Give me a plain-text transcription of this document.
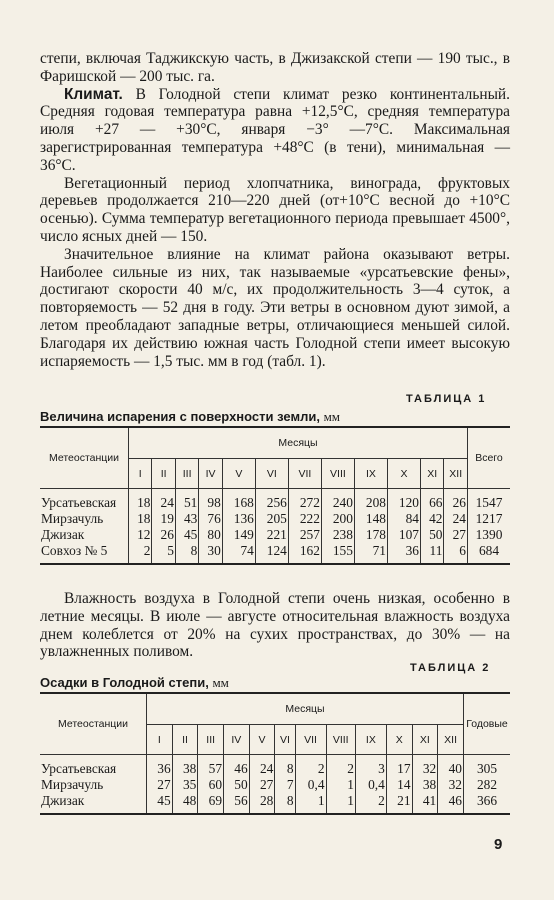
степи, включая Таджикскую часть, в Джизакской степи — 190 тыс., в Фаришской — 200 тыс. га.

Климат. В Голодной степи климат резко континентальный. Средняя годовая температура равна +12,5°С, средняя температура июля +27 — +30°С, января −3° —7°С. Максимальная зарегистрированная температура +48°С (в тени), минимальная — 36°С.

Вегетационный период хлопчатника, винограда, фруктовых деревьев продолжается 210—220 дней (от+10°С весной до +10°С осенью). Сумма температур вегетационного периода превышает 4500°, число ясных дней — 150.

Значительное влияние на климат района оказывают ветры. Наиболее сильные из них, так называемые «урсатьевские фены», достигают скорости 40 м/с, их продолжительность 3—4 суток, а повторяемость — 52 дня в году. Эти ветры в основном дуют зимой, а летом преобладают западные ветры, отличающиеся меньшей силой. Благодаря их действию южная часть Голодной степи имеет высокую испаряемость — 1,5 тыс. мм в год (табл. 1).

ТАБЛИЦА 1
Величина испарения с поверхности земли, мм
Метеостанции	Месяцы												Всего
	I	II	III	IV	V	VI	VII	VIII	IX	X	XI	XII	

Урсатьевская	18	24	51	98	168	256	272	240	208	120	66	26	1547
Мирзачуль	18	19	43	76	136	205	222	200	148	84	42	24	1217
Джизак	12	26	45	80	149	221	257	238	178	107	50	27	1390
Совхоз № 5	2	5	8	30	74	124	162	155	71	36	11	6	684

Влажность воздуха в Голодной степи очень низкая, особенно в летние месяцы. В июле — августе относительная влажность воздуха днем колеблется от 20% на сухих пространствах, до 30% — на увлажненных поливом.

ТАБЛИЦА 2
Осадки в Голодной степи, мм
Метеостанции	Месяцы												Годовые
	I	II	III	IV	V	VI	VII	VIII	IX	X	XI	XII	

Урсатьевская	36	38	57	46	24	8	2	2	3	17	32	40	305
Мирзачуль	27	35	60	50	27	7	0,4	1	0,4	14	38	32	282
Джизак	45	48	69	56	28	8	1	1	2	21	41	46	366

9
